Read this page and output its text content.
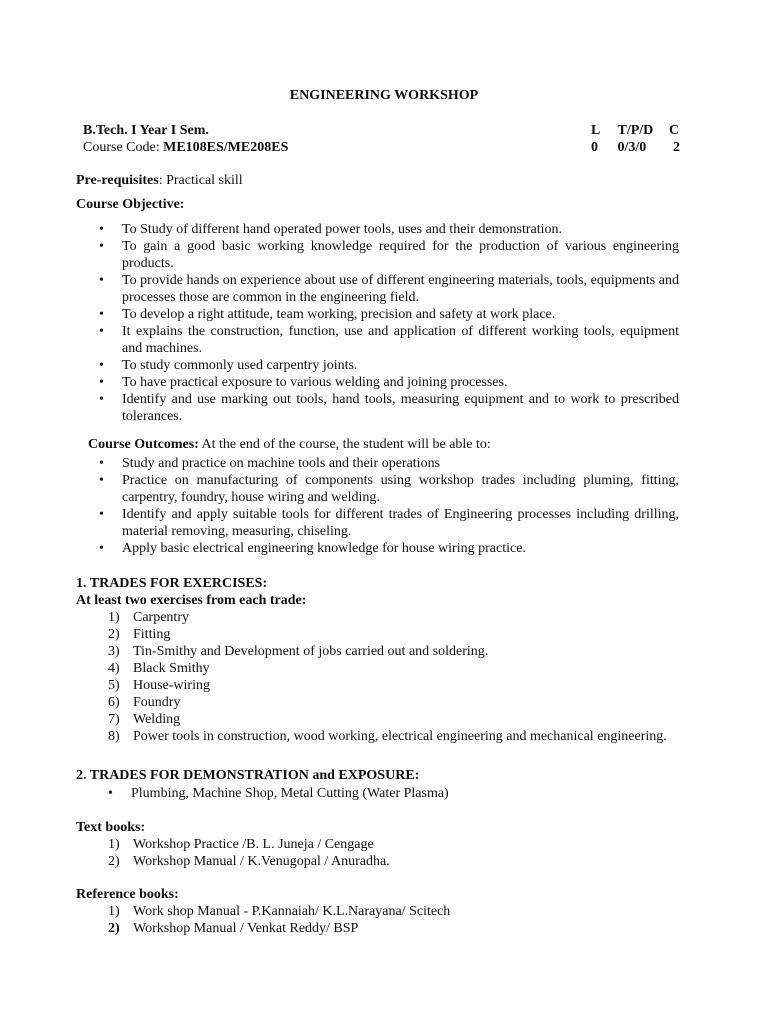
ENGINEERING WORKSHOP
B.Tech. I Year I Sem.
Course Code: ME108ES/ME208ES
L T/P/D C
0 0/3/0 2
Pre-requisites: Practical skill
Course Objective:
• To Study of different hand operated power tools, uses and their demonstration.
• To gain a good basic working knowledge required for the production of various engineering products.
• To provide hands on experience about use of different engineering materials, tools, equipments and processes those are common in the engineering field.
• To develop a right attitude, team working, precision and safety at work place.
• It explains the construction, function, use and application of different working tools, equipment and machines.
• To study commonly used carpentry joints.
• To have practical exposure to various welding and joining processes.
• Identify and use marking out tools, hand tools, measuring equipment and to work to prescribed tolerances.
Course Outcomes: At the end of the course, the student will be able to:
• Study and practice on machine tools and their operations
• Practice on manufacturing of components using workshop trades including pluming, fitting, carpentry, foundry, house wiring and welding.
• Identify and apply suitable tools for different trades of Engineering processes including drilling, material removing, measuring, chiseling.
• Apply basic electrical engineering knowledge for house wiring practice.
1. TRADES FOR EXERCISES:
At least two exercises from each trade:
1) Carpentry
2) Fitting
3) Tin-Smithy and Development of jobs carried out and soldering.
4) Black Smithy
5) House-wiring
6) Foundry
7) Welding
8) Power tools in construction, wood working, electrical engineering and mechanical engineering.
2. TRADES FOR DEMONSTRATION and EXPOSURE:
• Plumbing, Machine Shop, Metal Cutting (Water Plasma)
Text books:
1) Workshop Practice /B. L. Juneja / Cengage
2) Workshop Manual / K.Venugopal / Anuradha.
Reference books:
1) Work shop Manual - P.Kannaiah/ K.L.Narayana/ Scitech
2) Workshop Manual / Venkat Reddy/ BSP
